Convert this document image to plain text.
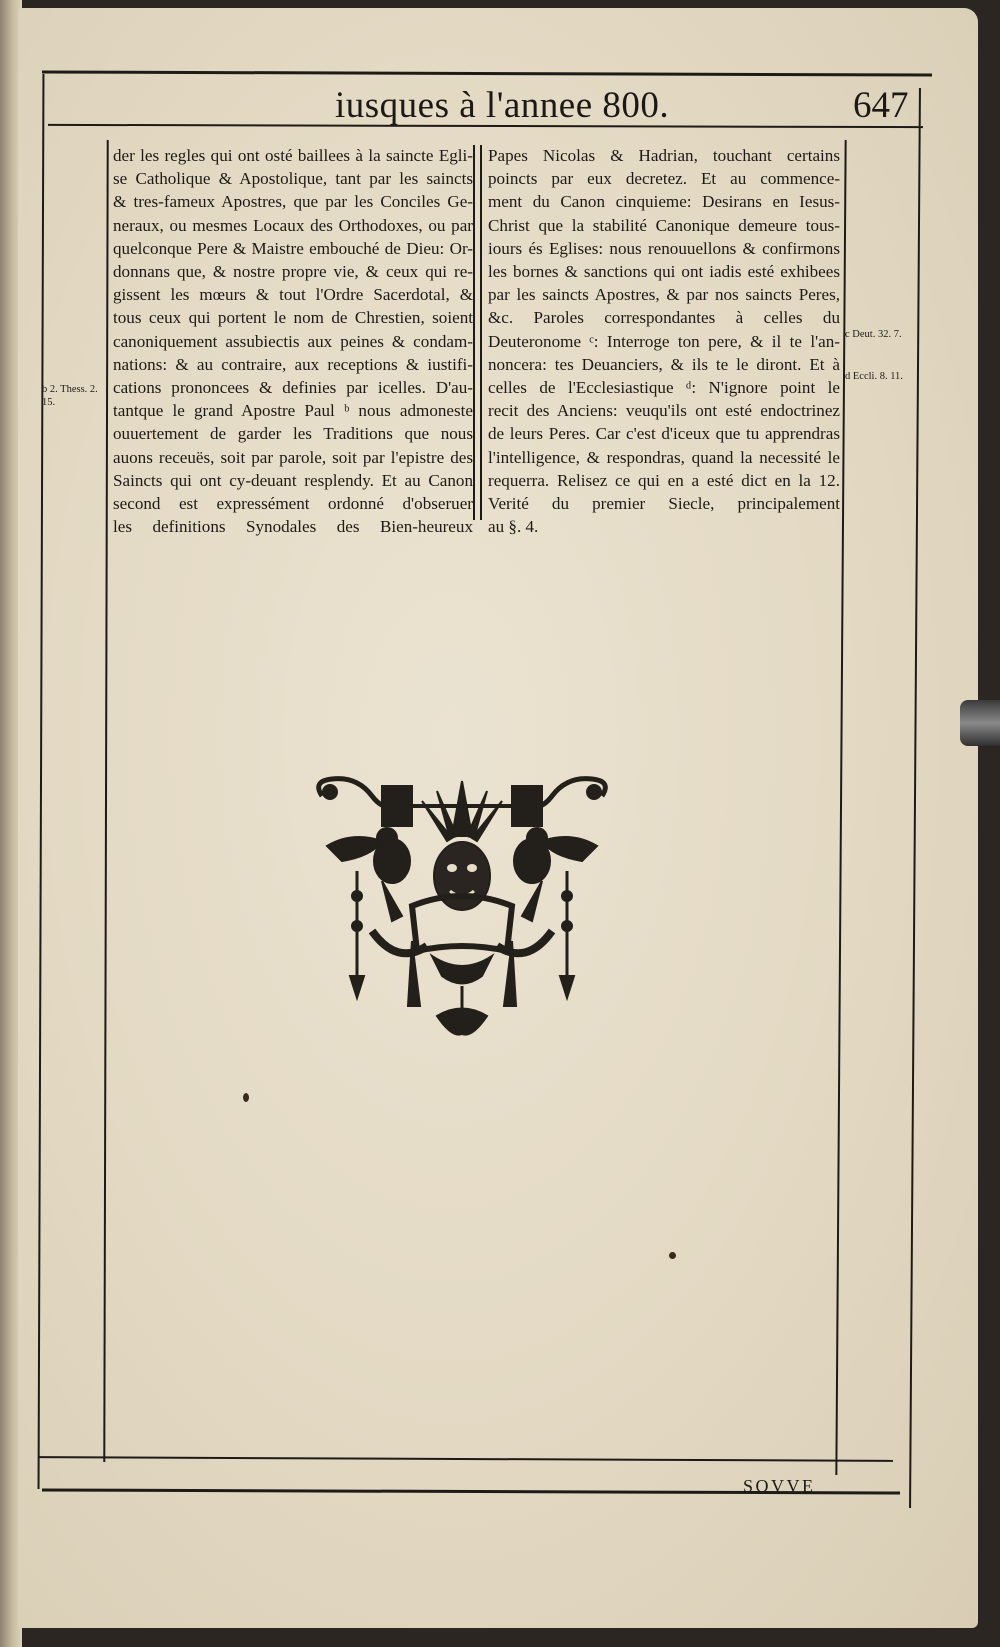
iusques à l'annee 800.	647

der les regles qui ont osté baillees à la saincte Egli-

se Catholique & Apostolique, tant par les saincts

& tres-fameux Apostres, que par les Conciles Ge-

neraux, ou mesmes Locaux des Orthodoxes, ou par

quelconque Pere & Maistre embouché de Dieu: Or-

donnans que, & nostre propre vie, & ceux qui re-

gissent les mœurs & tout l'Ordre Sacerdotal, &

tous ceux qui portent le nom de Chrestien, soient

canoniquement assubiectis aux peines & condam-

nations: & au contraire, aux receptions & iustifi-

cations prononcees & definies par icelles. D'au-

tantque le grand Apostre Paul ᵇ nous admoneste

ouuertement de garder les Traditions que nous

auons receuës, soit par parole, soit par l'epistre des

Saincts qui ont cy-deuant resplendy. Et au Canon

second est expressément ordonné d'obseruer

les definitions Synodales des Bien-heureux

Papes Nicolas & Hadrian, touchant certains

poincts par eux decretez. Et au commence-

ment du Canon cinquieme: Desirans en Iesus-

Christ que la stabilité Canonique demeure tous-

iours és Eglises: nous renouuellons & confirmons

les bornes & sanctions qui ont iadis esté exhibees

par les saincts Apostres, & par nos saincts Peres,

&c. Paroles correspondantes à celles du

Deuteronome ᶜ: Interroge ton pere, & il te l'an-

noncera: tes Deuanciers, & ils te le diront. Et à

celles de l'Ecclesiastique ᵈ: N'ignore point le

recit des Anciens: veuqu'ils ont esté endoctrinez

de leurs Peres. Car c'est d'iceux que tu apprendras

l'intelligence, & respondras, quand la necessité le

requerra. Relisez ce qui en a esté dict en la 12.

Verité du premier Siecle, principalement

au §. 4.

b 2. Thess. 2.
15.
c Deut. 32. 7.
d Eccli. 8. 11.
SOVVE
